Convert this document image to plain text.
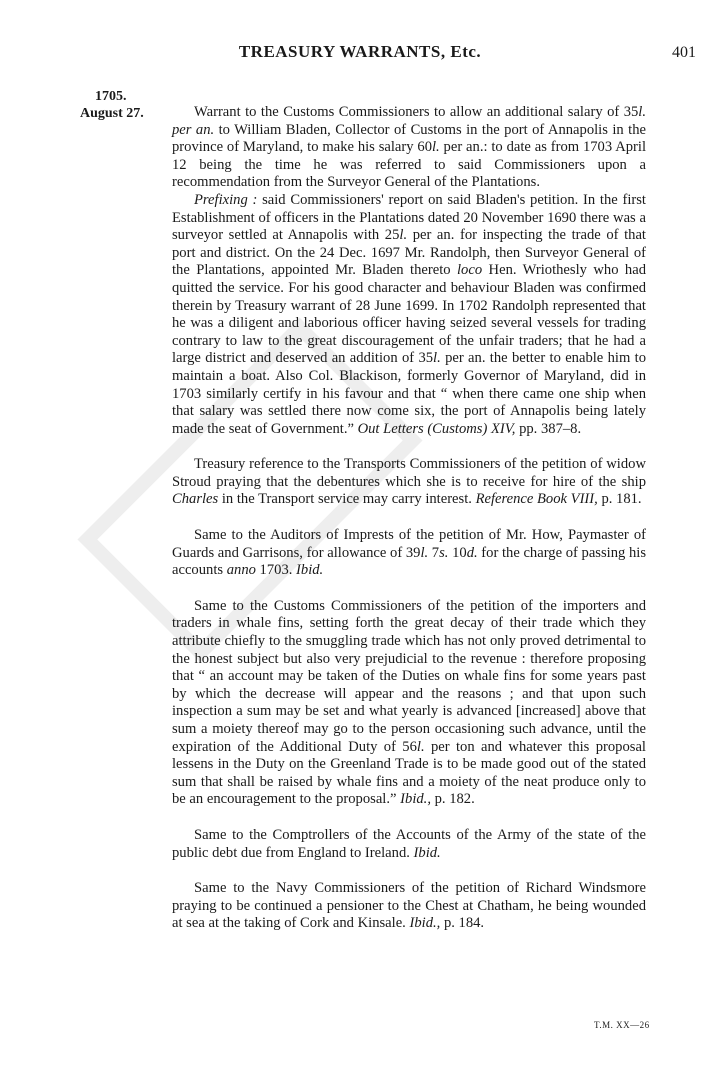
TREASURY WARRANTS, Etc.	401
1705.
August 27.	Warrant to the Customs Commissioners to allow an additional salary of 35l. per an. to William Bladen, Collector of Customs in the port of Annapolis in the province of Maryland, to make his salary 60l. per an.: to date as from 1703 April 12 being the time he was referred to said Commissioners upon a recommendation from the Surveyor General of the Plantations.

Prefixing : said Commissioners' report on said Bladen's petition. In the first Establishment of officers in the Plantations dated 20 November 1690 there was a surveyor settled at Annapolis with 25l. per an. for inspecting the trade of that port and district. On the 24 Dec. 1697 Mr. Randolph, then Surveyor General of the Plantations, appointed Mr. Bladen thereto loco Hen. Wriothesly who had quitted the service. For his good character and behaviour Bladen was confirmed therein by Treasury warrant of 28 June 1699. In 1702 Randolph represented that he was a diligent and laborious officer having seized several vessels for trading contrary to law to the great discouragement of the unfair traders; that he had a large district and deserved an addition of 35l. per an. the better to enable him to maintain a boat. Also Col. Blackison, formerly Governor of Maryland, did in 1703 similarly certify in his favour and that “ when there came one ship when that salary was settled there now come six, the port of Annapolis being lately made the seat of Government.” Out Letters (Customs) XIV, pp. 387–8.

Treasury reference to the Transports Commissioners of the petition of widow Stroud praying that the debentures which she is to receive for hire of the ship Charles in the Transport service may carry interest. Reference Book VIII, p. 181.

Same to the Auditors of Imprests of the petition of Mr. How, Paymaster of Guards and Garrisons, for allowance of 39l. 7s. 10d. for the charge of passing his accounts anno 1703. Ibid.

Same to the Customs Commissioners of the petition of the importers and traders in whale fins, setting forth the great decay of their trade which they attribute chiefly to the smuggling trade which has not only proved detrimental to the honest subject but also very prejudicial to the revenue : therefore proposing that “ an account may be taken of the Duties on whale fins for some years past by which the decrease will appear and the reasons ; and that upon such inspection a sum may be set and what yearly is advanced [increased] above that sum a moiety thereof may go to the person occasioning such advance, until the expiration of the Additional Duty of 56l. per ton and whatever this proposal lessens in the Duty on the Greenland Trade is to be made good out of the stated sum that shall be raised by whale fins and a moiety of the neat produce only to be an encouragement to the proposal.” Ibid., p. 182.

Same to the Comptrollers of the Accounts of the Army of the state of the public debt due from England to Ireland. Ibid.

Same to the Navy Commissioners of the petition of Richard Windsmore praying to be continued a pensioner to the Chest at Chatham, he being wounded at sea at the taking of Cork and Kinsale. Ibid., p. 184.

T.M. XX—26
